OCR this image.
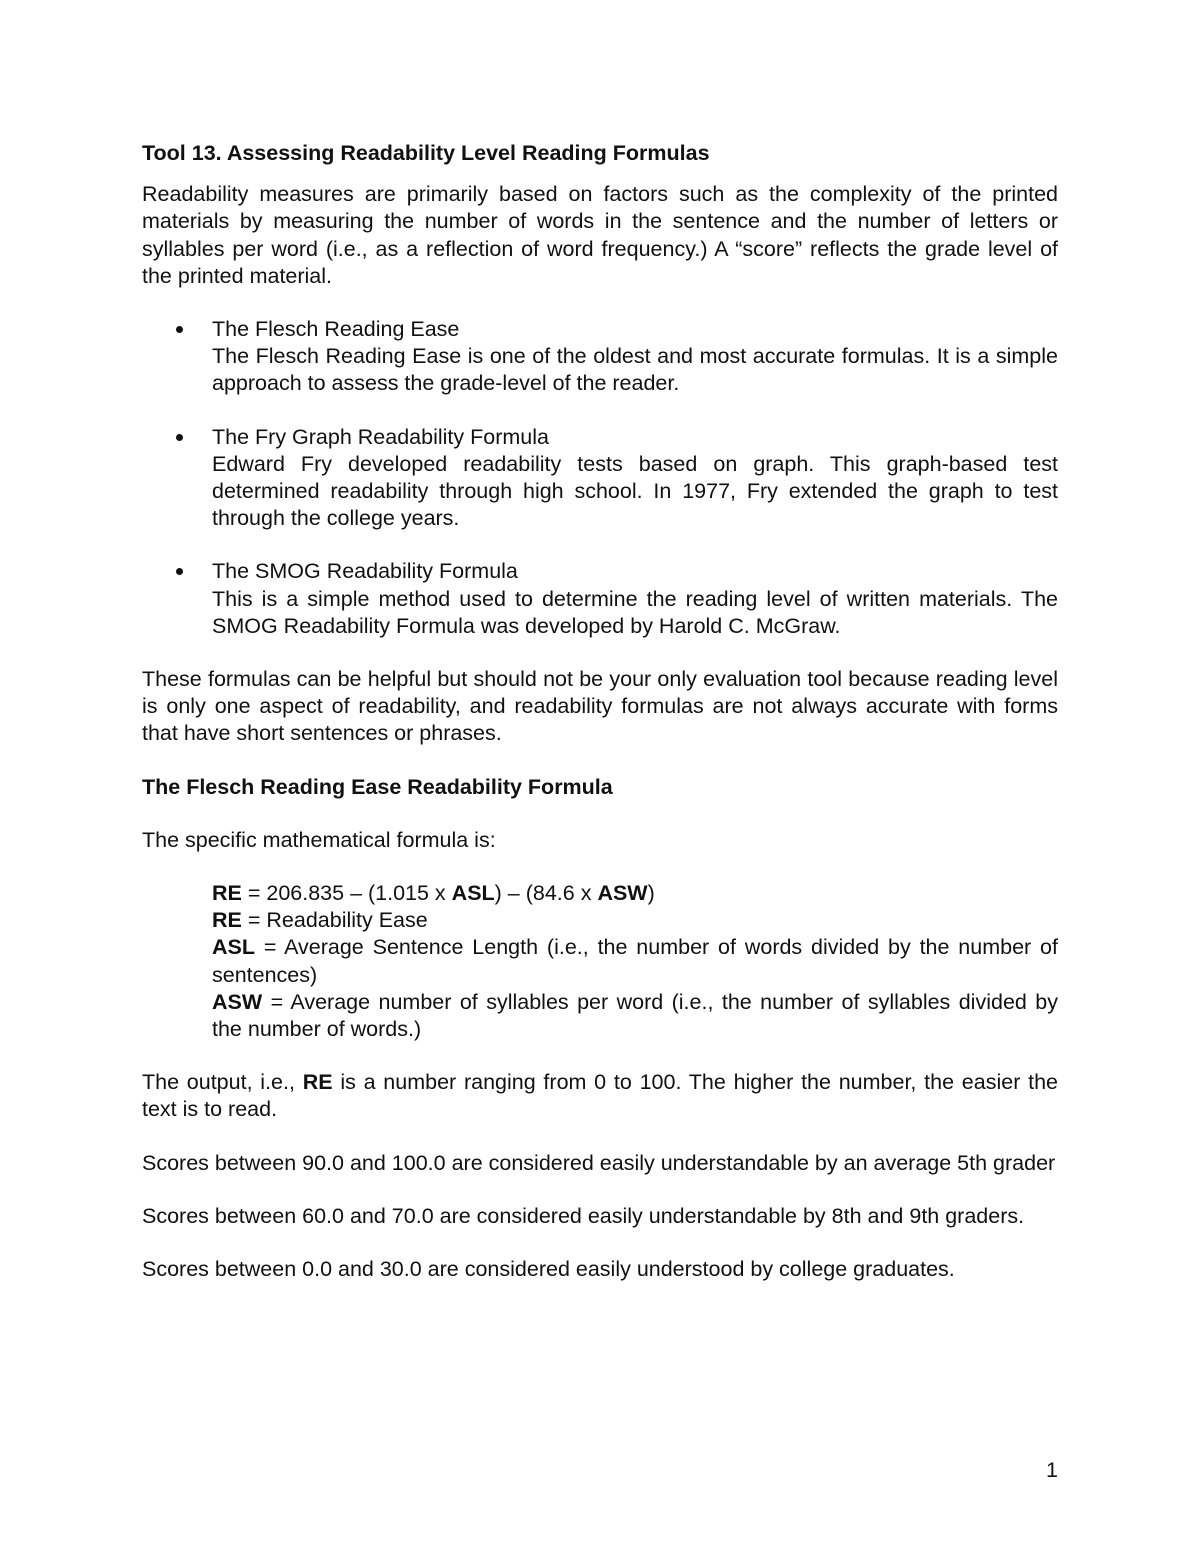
Tool 13. Assessing Readability Level Reading Formulas

Readability measures are primarily based on factors such as the complexity of the printed materials by measuring the number of words in the sentence and the number of letters or syllables per word (i.e., as a reflection of word frequency.) A “score” reflects the grade level of the printed material.

The Flesch Reading Ease
The Flesch Reading Ease is one of the oldest and most accurate formulas. It is a simple approach to assess the grade-level of the reader.
The Fry Graph Readability Formula
Edward Fry developed readability tests based on graph. This graph-based test determined readability through high school. In 1977, Fry extended the graph to test through the college years.
The SMOG Readability Formula
This is a simple method used to determine the reading level of written materials. The SMOG Readability Formula was developed by Harold C. McGraw.

These formulas can be helpful but should not be your only evaluation tool because reading level is only one aspect of readability, and readability formulas are not always accurate with forms that have short sentences or phrases.

The Flesch Reading Ease Readability Formula

The specific mathematical formula is:

RE = 206.835 – (1.015 x ASL) – (84.6 x ASW)
RE = Readability Ease
ASL = Average Sentence Length (i.e., the number of words divided by the number of sentences)
ASW = Average number of syllables per word (i.e., the number of syllables divided by the number of words.)

The output, i.e., RE is a number ranging from 0 to 100. The higher the number, the easier the text is to read.

Scores between 90.0 and 100.0 are considered easily understandable by an average 5th grader

Scores between 60.0 and 70.0 are considered easily understandable by 8th and 9th graders.

Scores between 0.0 and 30.0 are considered easily understood by college graduates.

1
